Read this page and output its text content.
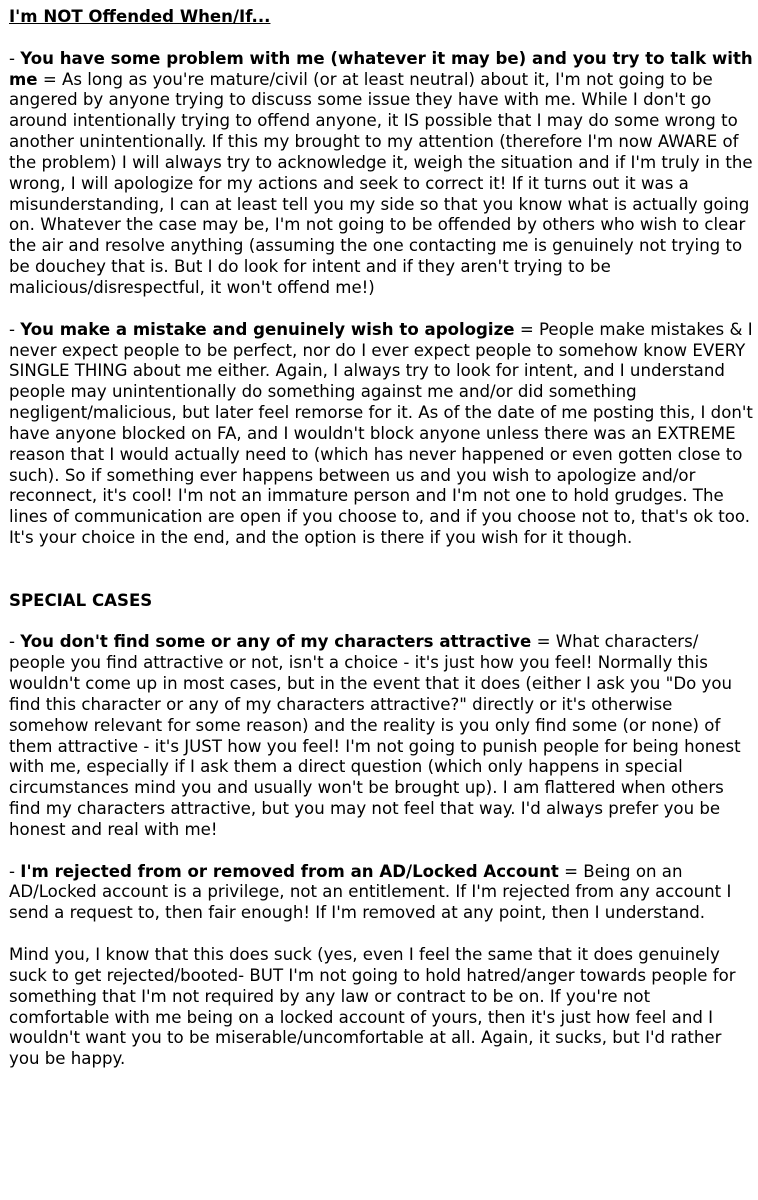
I'm NOT Offended When/If...

- You have some problem with me (whatever it may be) and you try to talk with me = As long as you're mature/civil (or at least neutral) about it, I'm not going to be angered by anyone trying to discuss some issue they have with me. While I don't go around intentionally trying to offend anyone, it IS possible that I may do some wrong to another unintentionally. If this my brought to my attention (therefore I'm now AWARE of the problem) I will always try to acknowledge it, weigh the situation and if I'm truly in the wrong, I will apologize for my actions and seek to correct it! If it turns out it was a misunderstanding, I can at least tell you my side so that you know what is actually going on. Whatever the case may be, I'm not going to be offended by others who wish to clear the air and resolve anything (assuming the one contacting me is genuinely not trying to be douchey that is. But I do look for intent and if they aren't trying to be malicious/disrespectful, it won't offend me!)

- You make a mistake and genuinely wish to apologize = People make mistakes & I never expect people to be perfect, nor do I ever expect people to somehow know EVERY SINGLE THING about me either. Again, I always try to look for intent, and I understand people may unintentionally do something against me and/or did something negligent/malicious, but later feel remorse for it. As of the date of me posting this, I don't have anyone blocked on FA, and I wouldn't block anyone unless there was an EXTREME reason that I would actually need to (which has never happened or even gotten close to such). So if something ever happens between us and you wish to apologize and/or reconnect, it's cool! I'm not an immature person and I'm not one to hold grudges. The lines of communication are open if you choose to, and if you choose not to, that's ok too. It's your choice in the end, and the option is there if you wish for it though.

SPECIAL CASES

- You don't find some or any of my characters attractive = What characters/ people you find attractive or not, isn't a choice - it's just how you feel! Normally this wouldn't come up in most cases, but in the event that it does (either I ask you "Do you find this character or any of my characters attractive?" directly or it's otherwise somehow relevant for some reason) and the reality is you only find some (or none) of them attractive - it's JUST how you feel! I'm not going to punish people for being honest with me, especially if I ask them a direct question (which only happens in special circumstances mind you and usually won't be brought up). I am flattered when others find my characters attractive, but you may not feel that way. I'd always prefer you be honest and real with me!

- I'm rejected from or removed from an AD/Locked Account = Being on an AD/Locked account is a privilege, not an entitlement. If I'm rejected from any account I send a request to, then fair enough! If I'm removed at any point, then I understand.

Mind you, I know that this does suck (yes, even I feel the same that it does genuinely suck to get rejected/booted- BUT I'm not going to hold hatred/anger towards people for something that I'm not required by any law or contract to be on. If you're not comfortable with me being on a locked account of yours, then it's just how feel and I wouldn't want you to be miserable/uncomfortable at all. Again, it sucks, but I'd rather you be happy.
